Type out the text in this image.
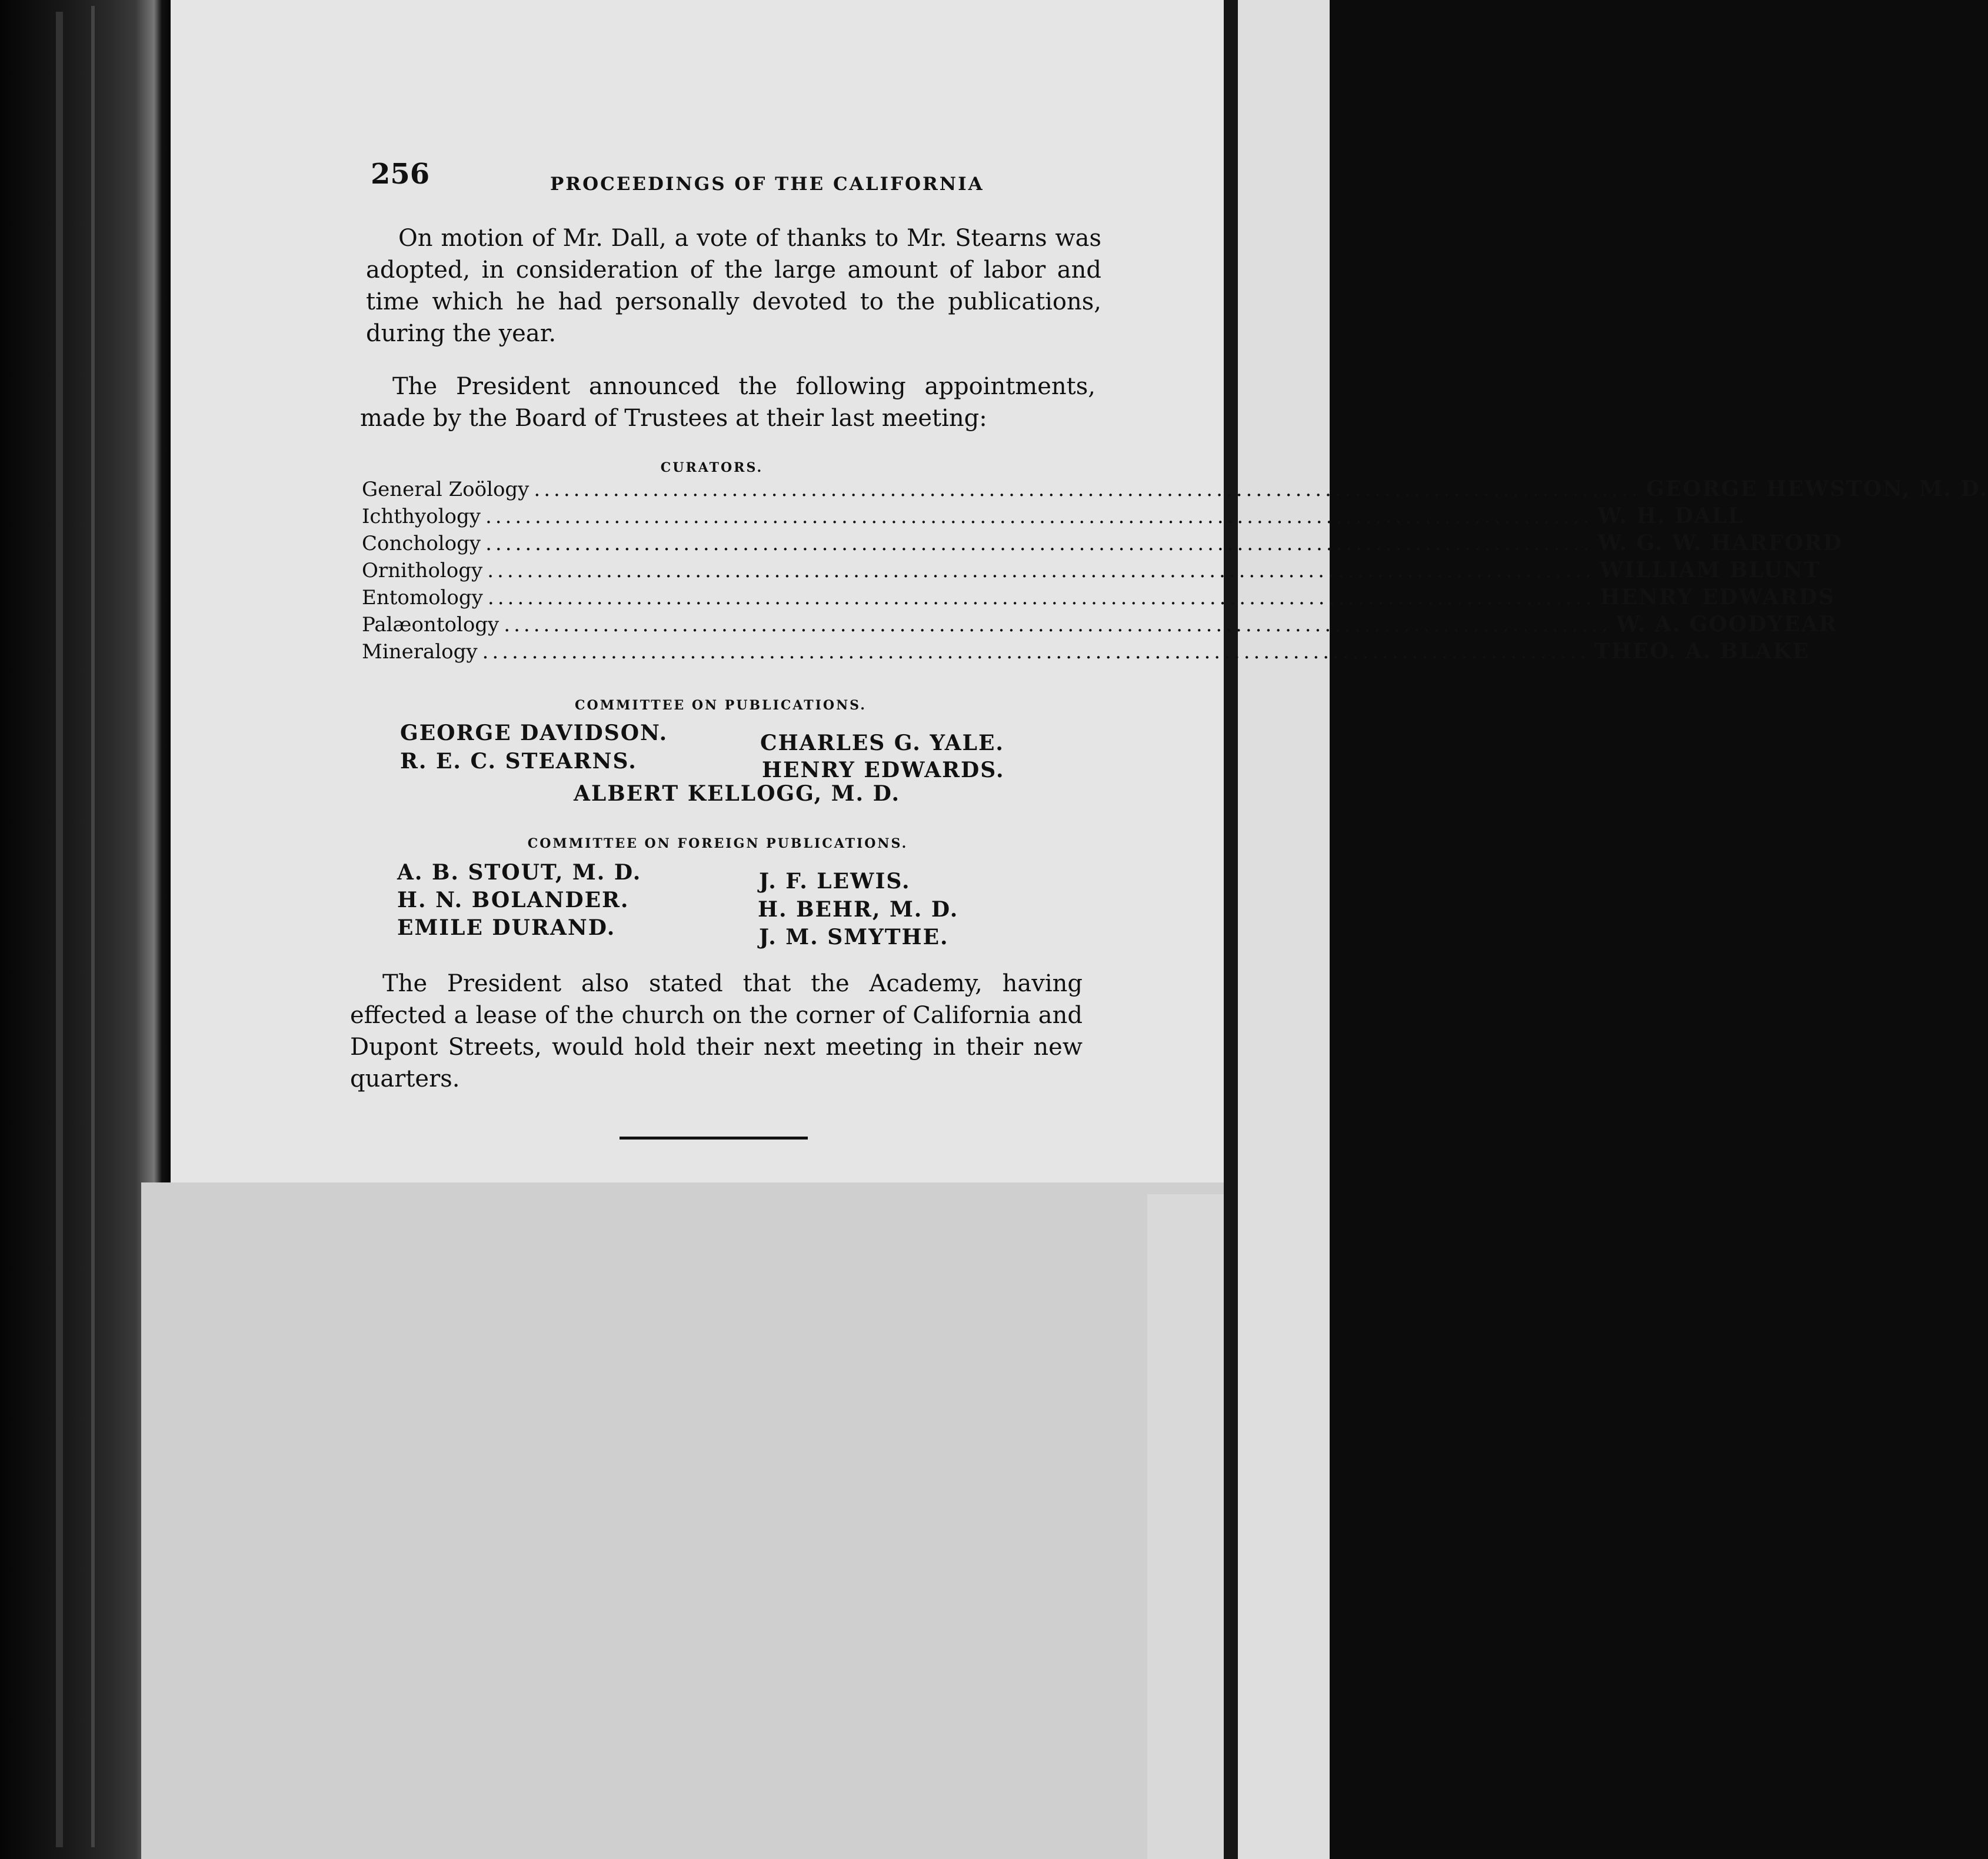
256	PROCEEDINGS OF THE CALIFORNIA
On motion of Mr. Dall, a vote of thanks to Mr. Stearns was adopted, in consideration of the large amount of labor and time which he had personally devoted to the publications, during the year.
The President announced the following appointments, made by the Board of Trustees at their last meeting:
CURATORS.
General Zoölogy ................................................................................................................ GEORGE HEWSTON, M. D.
Ichthyology ................................................................................................................ W. H. DALL
Conchology ................................................................................................................ W. G. W. HARFORD
Ornithology ................................................................................................................ WILLIAM BLUNT
Entomology ................................................................................................................ HENRY EDWARDS
Palæontology ................................................................................................................ W. A. GOODYEAR
Mineralogy ................................................................................................................ THEO. A. BLAKE
COMMITTEE ON PUBLICATIONS.
GEORGE DAVIDSON.	CHARLES G. YALE.
R. E. C. STEARNS.	HENRY EDWARDS.
ALBERT KELLOGG, M. D.
COMMITTEE ON FOREIGN PUBLICATIONS.
A. B. STOUT, M. D.	J. F. LEWIS.
H. N. BOLANDER.	H. BEHR, M. D.
EMILE DURAND.	J. M. SMYTHE.
The President also stated that the Academy, having effected a lease of the church on the corner of California and Dupont Streets, would hold their next meeting in their new quarters.
